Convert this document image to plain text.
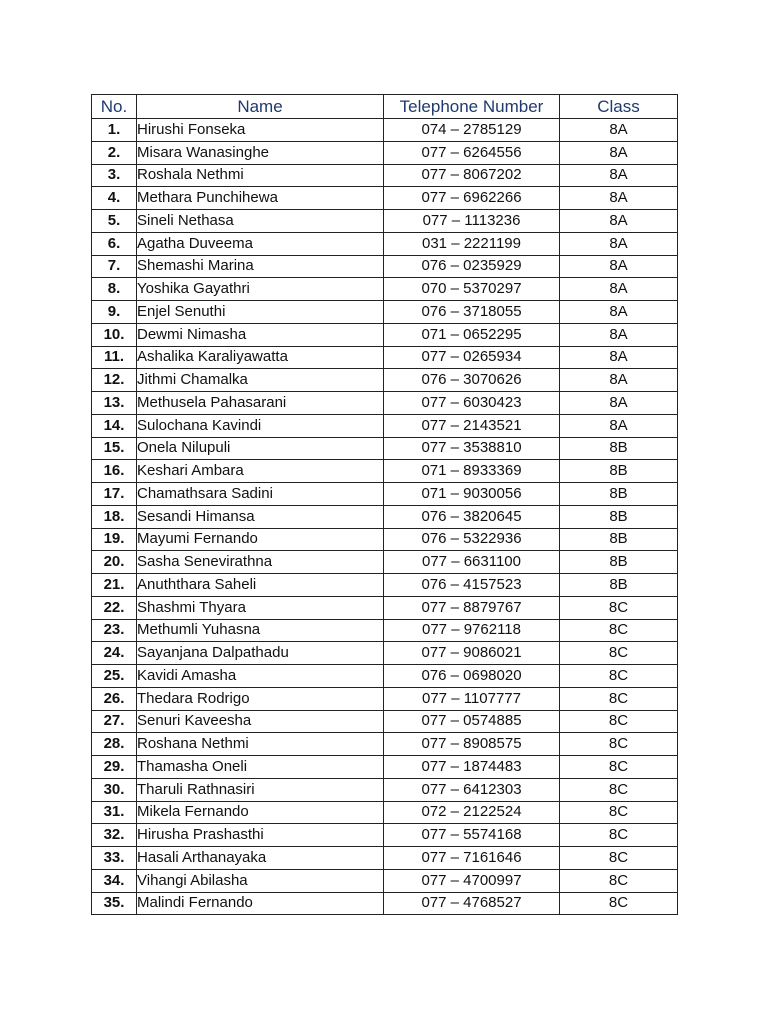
No.	Name	Telephone Number	Class
1.	Hirushi Fonseka	074 – 2785129	8A
2.	Misara Wanasinghe	077 – 6264556	8A
3.	Roshala Nethmi	077 – 8067202	8A
4.	Methara Punchihewa	077 – 6962266	8A
5.	Sineli Nethasa	077 – 1113236	8A
6.	Agatha Duveema	031 – 2221199	8A
7.	Shemashi Marina	076 – 0235929	8A
8.	Yoshika Gayathri	070 – 5370297	8A
9.	Enjel Senuthi	076 – 3718055	8A
10.	Dewmi Nimasha	071 – 0652295	8A
11.	Ashalika Karaliyawatta	077 – 0265934	8A
12.	Jithmi Chamalka	076 – 3070626	8A
13.	Methusela Pahasarani	077 – 6030423	8A
14.	Sulochana Kavindi	077 – 2143521	8A
15.	Onela Nilupuli	077 – 3538810	8B
16.	Keshari Ambara	071 – 8933369	8B
17.	Chamathsara Sadini	071 – 9030056	8B
18.	Sesandi Himansa	076 – 3820645	8B
19.	Mayumi Fernando	076 – 5322936	8B
20.	Sasha Senevirathna	077 – 6631100	8B
21.	Anuththara Saheli	076 – 4157523	8B
22.	Shashmi Thyara	077 – 8879767	8C
23.	Methumli Yuhasna	077 – 9762118	8C
24.	Sayanjana Dalpathadu	077 – 9086021	8C
25.	Kavidi Amasha	076 – 0698020	8C
26.	Thedara Rodrigo	077 – 1107777	8C
27.	Senuri Kaveesha	077 – 0574885	8C
28.	Roshana Nethmi	077 – 8908575	8C
29.	Thamasha Oneli	077 – 1874483	8C
30.	Tharuli Rathnasiri	077 – 6412303	8C
31.	Mikela Fernando	072 – 2122524	8C
32.	Hirusha Prashasthi	077 – 5574168	8C
33.	Hasali Arthanayaka	077 – 7161646	8C
34.	Vihangi Abilasha	077 – 4700997	8C
35.	Malindi Fernando	077 – 4768527	8C
